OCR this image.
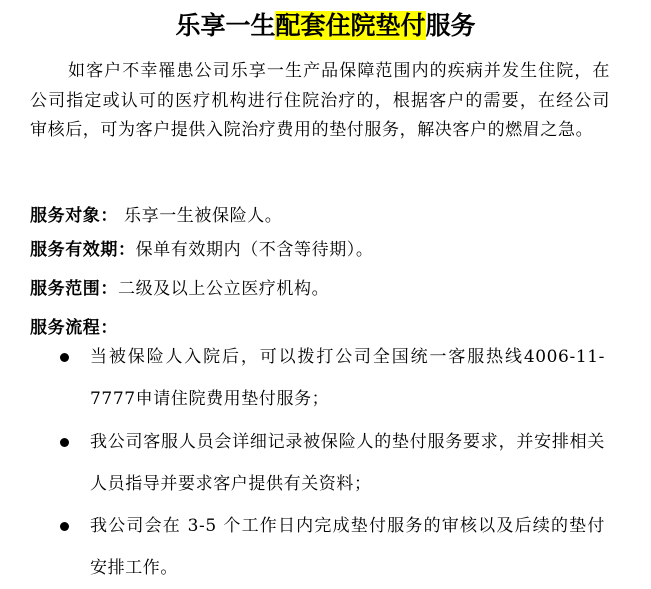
乐享一生配套住院垫付服务

如客户不幸罹患公司乐享一生产品保障范围内的疾病并发生住院，在公司指定或认可的医疗机构进行住院治疗的，根据客户的需要，在经公司审核后，可为客户提供入院治疗费用的垫付服务，解决客户的燃眉之急。

服务对象： 乐享一生被保险人。
服务有效期：保单有效期内（不含等待期）。
服务范围：二级及以上公立医疗机构。
服务流程：

当被保险人入院后，可以拨打公司全国统一客服热线4006-11-7777申请住院费用垫付服务；

我公司客服人员会详细记录被保险人的垫付服务要求，并安排相关人员指导并要求客户提供有关资料；

我公司会在 3-5 个工作日内完成垫付服务的审核以及后续的垫付安排工作。
